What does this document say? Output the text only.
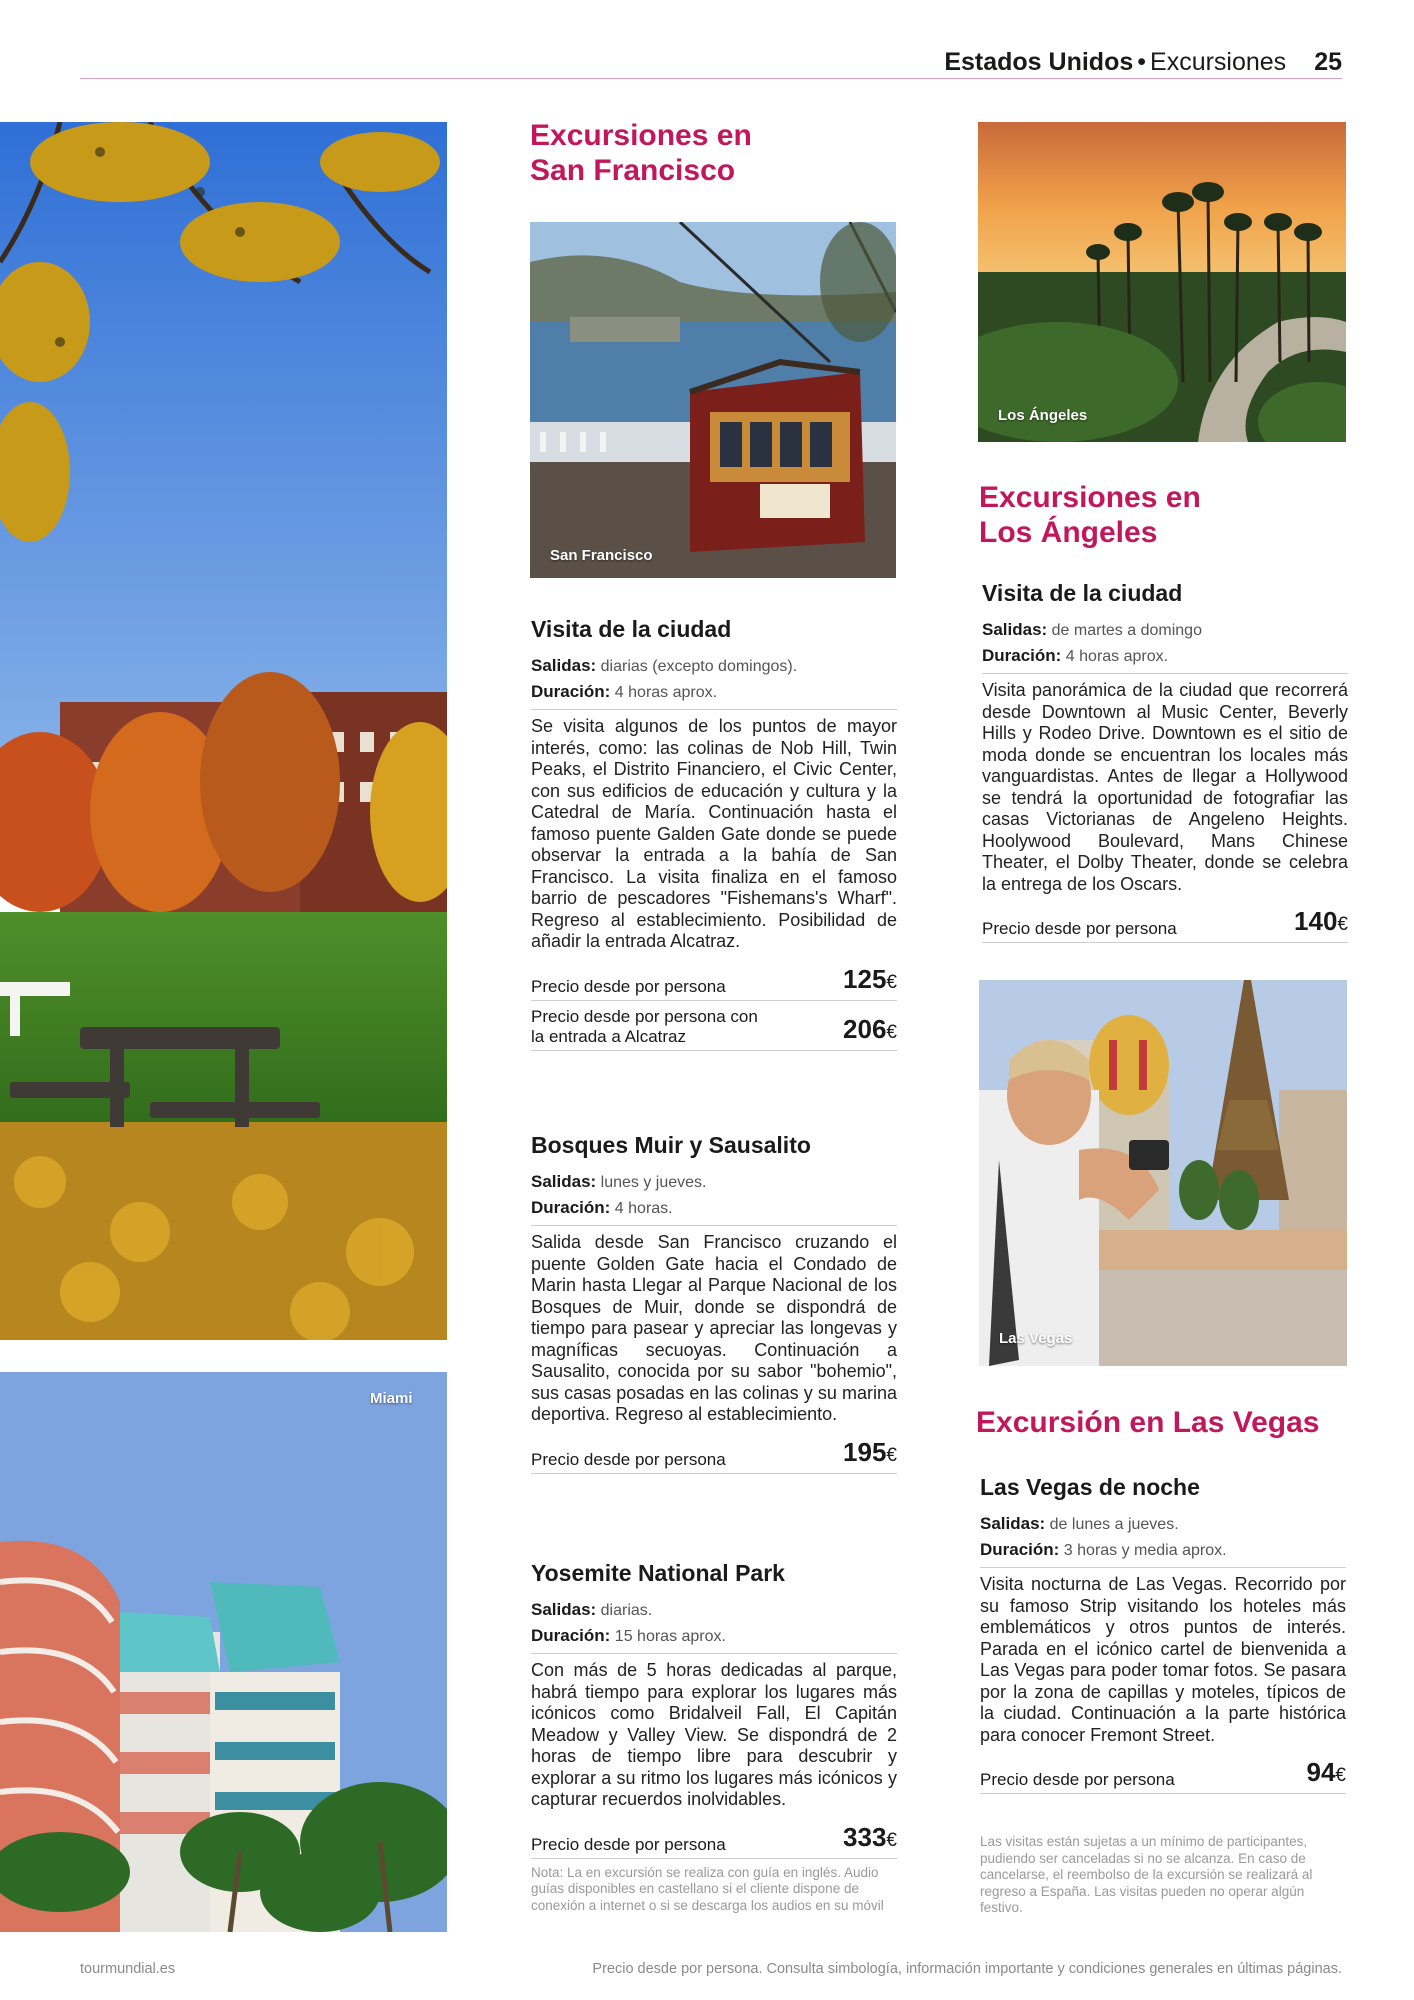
Estados Unidos • Excursiones 25
Miami
Excursiones en
San Francisco
San Francisco
Visita de la ciudad
Salidas: diarias (excepto domingos).
Duración: 4 horas aprox.
Se visita algunos de los puntos de mayor interés, como: las colinas de Nob Hill, Twin Peaks, el Distrito Financiero, el Civic Center, con sus edificios de educación y cultura y la Catedral de María. Continuación hasta el famoso puente Galden Gate donde se puede observar la entrada a la bahía de San Francisco. La visita finaliza en el famoso barrio de pescadores "Fishemans's Wharf". Regreso al establecimiento. Posibilidad de añadir la entrada Alcatraz.
Precio desde por persona	125€
Precio desde por persona con la entrada a Alcatraz	206€
Bosques Muir y Sausalito
Salidas: lunes y jueves.
Duración: 4 horas.
Salida desde San Francisco cruzando el puente Golden Gate hacia el Condado de Marin hasta Llegar al Parque Nacional de los Bosques de Muir, donde se dispondrá de tiempo para pasear y apreciar las longevas y magníficas secuoyas. Continuación a Sausalito, conocida por su sabor "bohemio", sus casas posadas en las colinas y su marina deportiva. Regreso al establecimiento.
Precio desde por persona	195€
Yosemite National Park
Salidas: diarias.
Duración: 15 horas aprox.
Con más de 5 horas dedicadas al parque, habrá tiempo para explorar los lugares más icónicos como Bridalveil Fall, El Capitán Meadow y Valley View. Se dispondrá de 2 horas de tiempo libre para descubrir y explorar a su ritmo los lugares más icónicos y capturar recuerdos inolvidables.
Precio desde por persona	333€
Nota: La en excursión se realiza con guía en inglés. Audio guías disponibles en castellano si el cliente dispone de conexión a internet o si se descarga los audios en su móvil
Los Ángeles
Excursiones en
Los Ángeles
Visita de la ciudad
Salidas: de martes a domingo
Duración: 4 horas aprox.
Visita panorámica de la ciudad que recorrerá desde Downtown al Music Center, Beverly Hills y Rodeo Drive. Downtown es el sitio de moda donde se encuentran los locales más vanguardistas. Antes de llegar a Hollywood se tendrá la oportunidad de fotografiar las casas Victorianas de Angeleno Heights. Hoolywood Boulevard, Mans Chinese Theater, el Dolby Theater, donde se celebra la entrega de los Oscars.
Precio desde por persona	140€
Las Vegas
Excursión en Las Vegas
Las Vegas de noche
Salidas: de lunes a jueves.
Duración: 3 horas y media aprox.
Visita nocturna de Las Vegas. Recorrido por su famoso Strip visitando los hoteles más emblemáticos y otros puntos de interés. Parada en el icónico cartel de bienvenida a Las Vegas para poder tomar fotos. Se pasara por la zona de capillas y moteles, típicos de la ciudad. Continuación a la parte histórica para conocer Fremont Street.
Precio desde por persona	94€
Las visitas están sujetas a un mínimo de participantes, pudiendo ser canceladas si no se alcanza. En caso de cancelarse, el reembolso de la excursión se realizará al regreso a España. Las visitas pueden no operar algún festivo.
tourmundial.es	Precio desde por persona. Consulta simbología, información importante y condiciones generales en últimas páginas.
